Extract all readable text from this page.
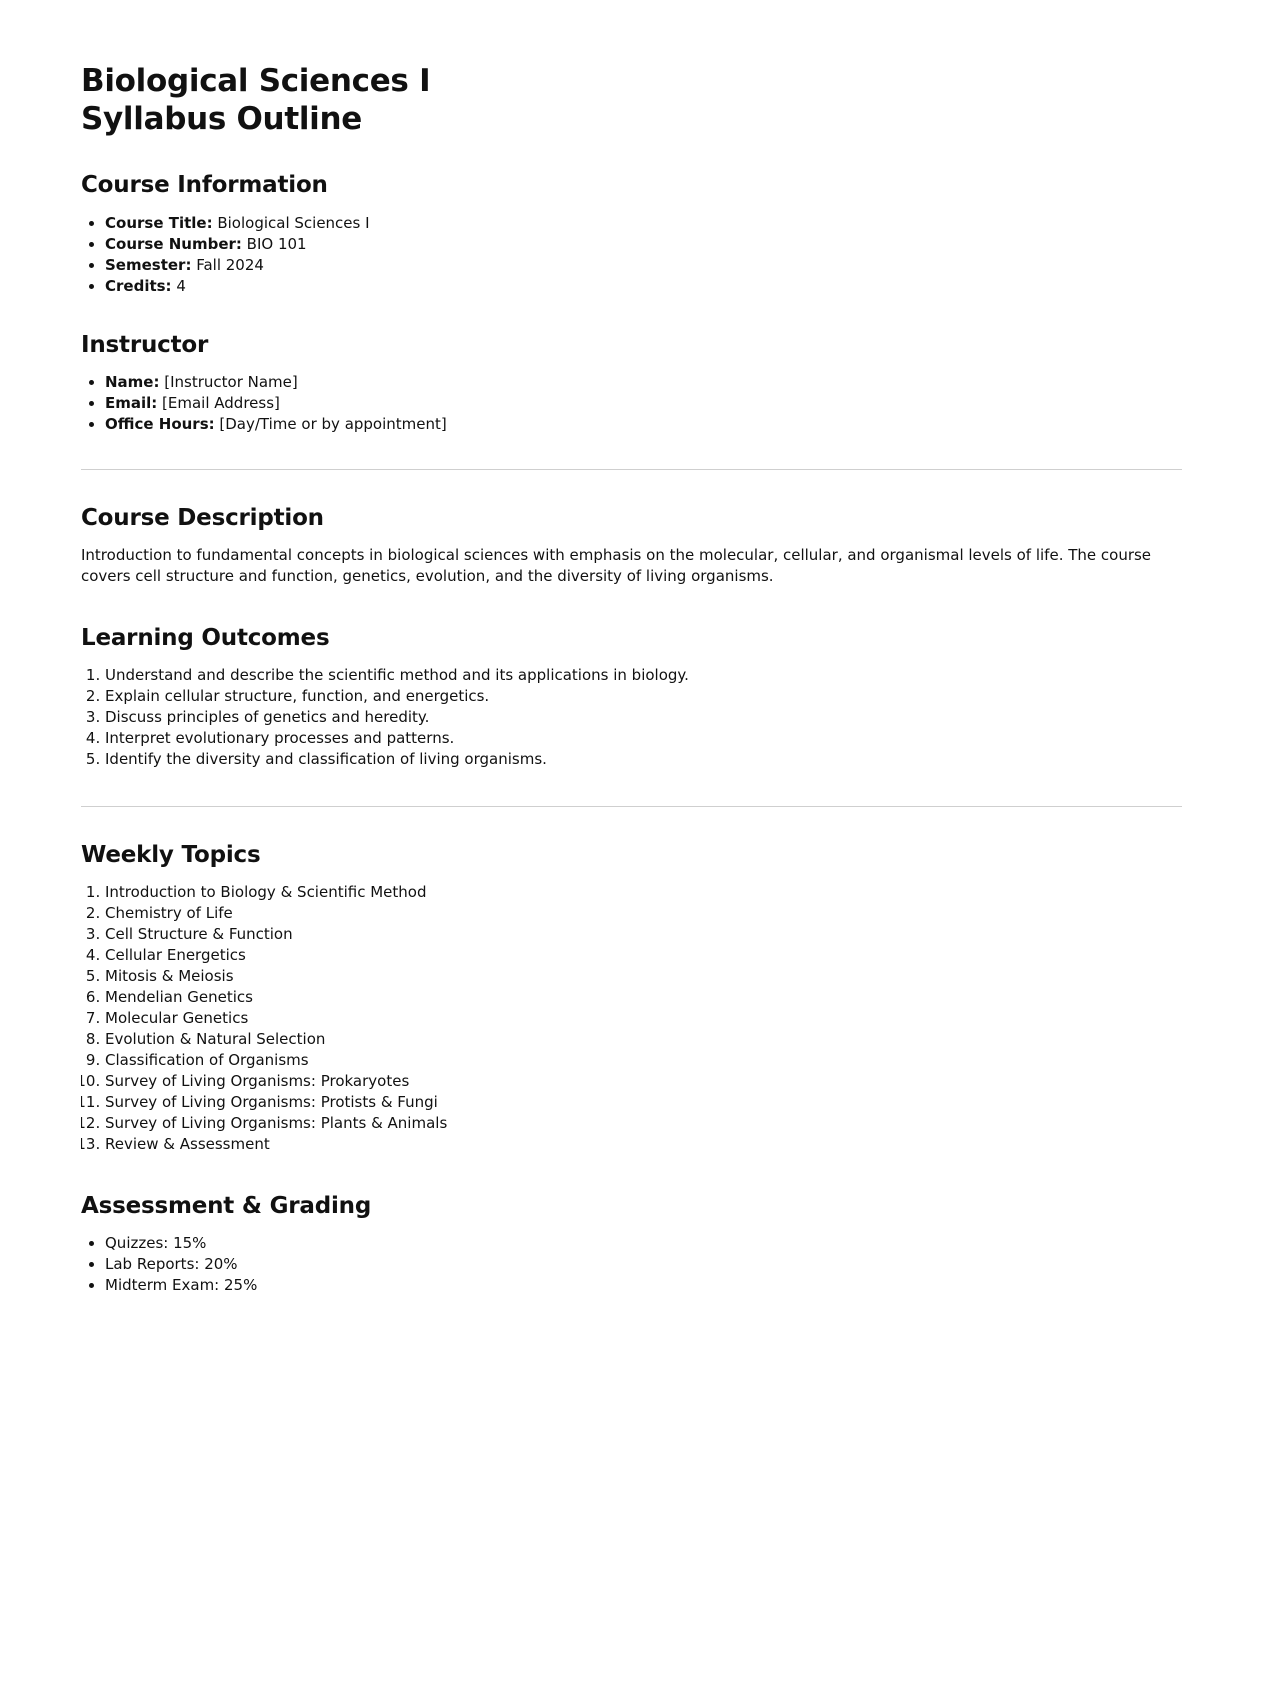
Biological Sciences I
Syllabus Outline
Course Information
• Course Title: Biological Sciences I
• Course Number: BIO 101
• Semester: Fall 2024
• Credits: 4
Instructor
• Name: [Instructor Name]
• Email: [Email Address]
• Office Hours: [Day/Time or by appointment]
Course Description

Introduction to fundamental concepts in biological sciences with emphasis on the molecular, cellular, and organismal levels of life. The course covers cell structure and function, genetics, evolution, and the diversity of living organisms.

Learning Outcomes
1. Understand and describe the scientific method and its applications in biology.
2. Explain cellular structure, function, and energetics.
3. Discuss principles of genetics and heredity.
4. Interpret evolutionary processes and patterns.
5. Identify the diversity and classification of living organisms.
Weekly Topics
1. Introduction to Biology & Scientific Method
2. Chemistry of Life
3. Cell Structure & Function
4. Cellular Energetics
5. Mitosis & Meiosis
6. Mendelian Genetics
7. Molecular Genetics
8. Evolution & Natural Selection
9. Classification of Organisms
10. Survey of Living Organisms: Prokaryotes
11. Survey of Living Organisms: Protists & Fungi
12. Survey of Living Organisms: Plants & Animals
13. Review & Assessment
Assessment & Grading
• Quizzes: 15%
• Lab Reports: 20%
• Midterm Exam: 25%
